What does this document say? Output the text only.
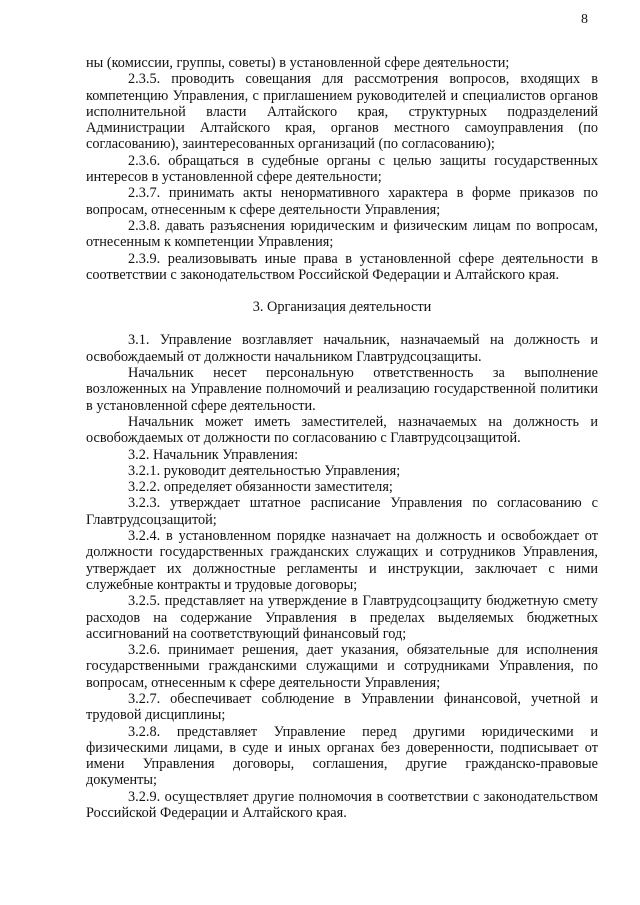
8

ны (комиссии, группы, советы) в установленной сфере деятельности;

2.3.5. проводить совещания для рассмотрения вопросов, входящих в компетенцию Управления, с приглашением руководителей и специалистов органов исполнительной власти Алтайского края, структурных подразделений Администрации Алтайского края, органов местного самоуправления (по согласованию), заинтересованных организаций (по согласованию);

2.3.6. обращаться в судебные органы с целью защиты государственных интересов в установленной сфере деятельности;

2.3.7. принимать акты ненормативного характера в форме приказов по вопросам, отнесенным к сфере деятельности Управления;

2.3.8. давать разъяснения юридическим и физическим лицам по вопросам, отнесенным к компетенции Управления;

2.3.9. реализовывать иные права в установленной сфере деятельности в соответствии с законодательством Российской Федерации и Алтайского края.

3. Организация деятельности

3.1. Управление возглавляет начальник, назначаемый на должность и освобождаемый от должности начальником Главтрудсоцзащиты.

Начальник несет персональную ответственность за выполнение возложенных на Управление полномочий и реализацию государственной политики в установленной сфере деятельности.

Начальник может иметь заместителей, назначаемых на должность и освобождаемых от должности по согласованию с Главтрудсоцзащитой.

3.2. Начальник Управления:

3.2.1. руководит деятельностью Управления;

3.2.2. определяет обязанности заместителя;

3.2.3. утверждает штатное расписание Управления по согласованию с Главтрудсоцзащитой;

3.2.4. в установленном порядке назначает на должность и освобождает от должности государственных гражданских служащих и сотрудников Управления, утверждает их должностные регламенты и инструкции, заключает с ними служебные контракты и трудовые договоры;

3.2.5. представляет на утверждение в Главтрудсоцзащиту бюджетную смету расходов на содержание Управления в пределах выделяемых бюджетных ассигнований на соответствующий финансовый год;

3.2.6. принимает решения, дает указания, обязательные для исполнения государственными гражданскими служащими и сотрудниками Управления, по вопросам, отнесенным к сфере деятельности Управления;

3.2.7. обеспечивает соблюдение в Управлении финансовой, учетной и трудовой дисциплины;

3.2.8. представляет Управление перед другими юридическими и физическими лицами, в суде и иных органах без доверенности, подписывает от имени Управления договоры, соглашения, другие гражданско-правовые документы;

3.2.9. осуществляет другие полномочия в соответствии с законодательством Российской Федерации и Алтайского края.
